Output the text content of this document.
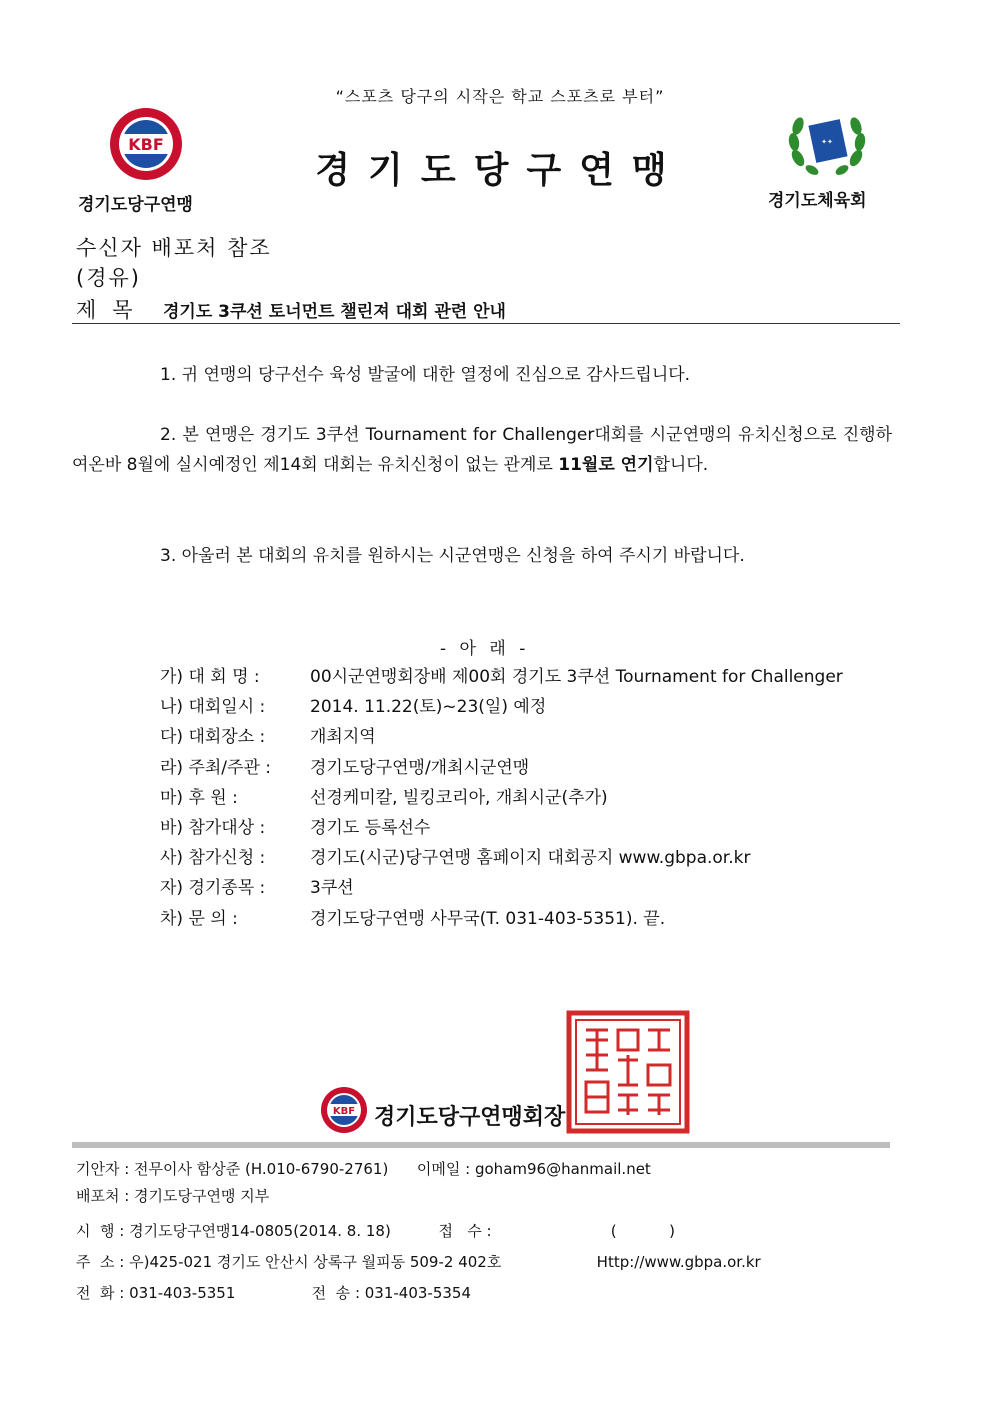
“스포츠 당구의 시작은 학교 스포츠로 부터”
KBF
경기도당구연맹
경기도당구연맹
✦✦
경기도체육회
수신자 배포처 참조
(경유)
제목 경기도 3쿠션 토너먼트 챌린져 대회 관련 안내
1. 귀 연맹의 당구선수 육성 발굴에 대한 열정에 진심으로 감사드립니다.
2. 본 연맹은 경기도 3쿠션 Tournament for Challenger대회를 시군연맹의 유치신청으로 진행하여온바 8월에 실시예정인 제14회 대회는 유치신청이 없는 관계로 11월로 연기합니다.
3. 아울러 본 대회의 유치를 원하시는 시군연맹은 신청을 하여 주시기 바랍니다.
- 아 래 -
가) 대 회 명 :	00시군연맹회장배 제00회 경기도 3쿠션 Tournament for Challenger
나) 대회일시 :	2014. 11.22(토)~23(일) 예정
다) 대회장소 :	개최지역
라) 주최/주관 :	경기도당구연맹/개최시군연맹
마) 후 원 :	선경케미칼, 빌킹코리아, 개최시군(추가)
바) 참가대상 :	경기도 등록선수
사) 참가신청 :	경기도(시군)당구연맹 홈페이지 대회공지 www.gbpa.or.kr
자) 경기종목 :	3쿠션
차) 문 의 :	경기도당구연맹 사무국(T. 031-403-5351). 끝.
KBF 경기도당구연맹회장
기안자 : 전무이사 함상준 (H.010-6790-2761)      이메일 : goham96@hanmail.net
배포처 : 경기도당구연맹 지부
시  행 : 경기도당구연맹14-0805(2014. 8. 18)          접   수 :                         (           )
주  소 : 우)425-021 경기도 안산시 상록구 월피동 509-2 402호                    Http://www.gbpa.or.kr
전  화 : 031-403-5351                전  송 : 031-403-5354
